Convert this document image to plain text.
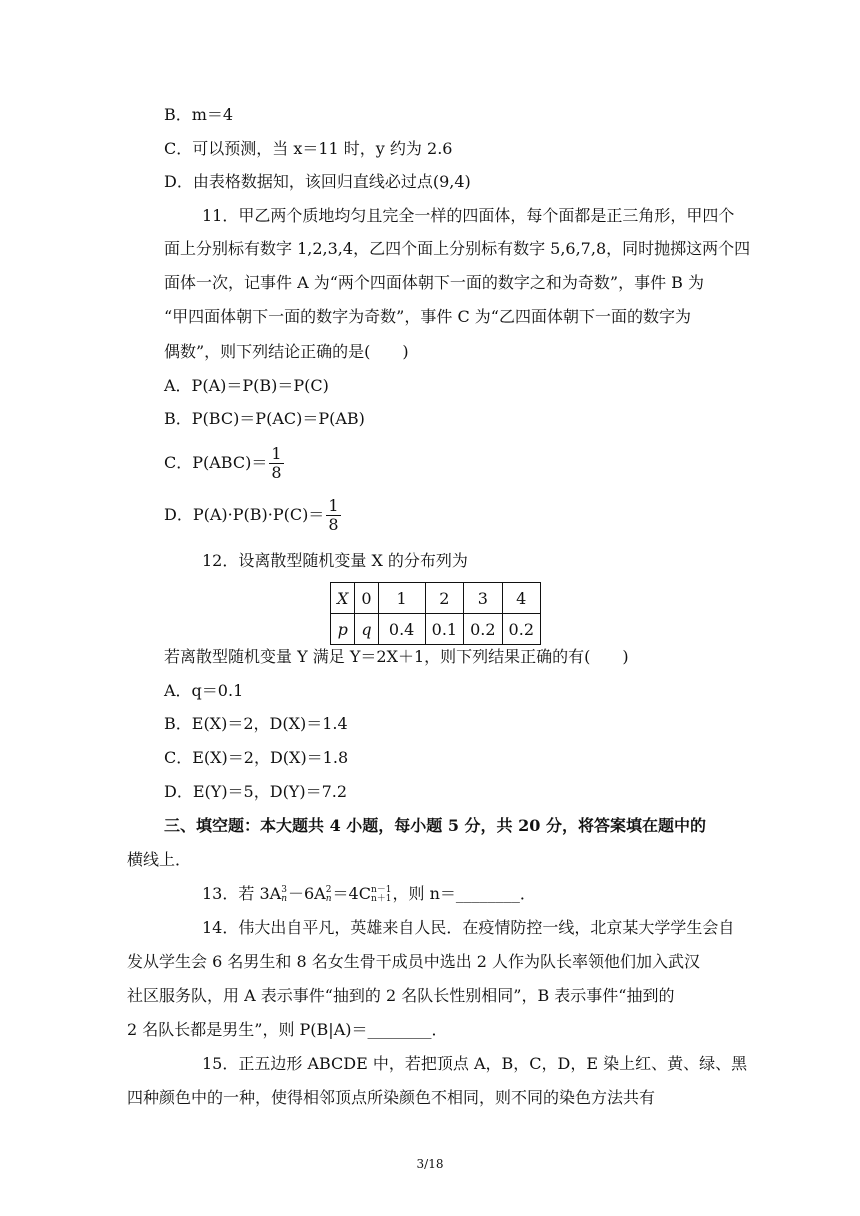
B．m＝4
C．可以预测，当 x＝11 时，y 约为 2.6
D．由表格数据知，该回归直线必过点(9,4)
11．甲乙两个质地均匀且完全一样的四面体，每个面都是正三角形，甲四个
面上分别标有数字 1,2,3,4，乙四个面上分别标有数字 5,6,7,8，同时抛掷这两个四
面体一次，记事件 A 为“两个四面体朝下一面的数字之和为奇数”，事件 B 为
“甲四面体朝下一面的数字为奇数”，事件 C 为“乙四面体朝下一面的数字为
偶数”，则下列结论正确的是(　　)
A．P(A)＝P(B)＝P(C)
B．P(BC)＝P(AC)＝P(AB)
C．$P(ABC)= \frac{1}{8}$
D．$P(A)\cdot P(B)\cdot P(C)= \frac{1}{8}$
12．设离散型随机变量 X 的分布列为
X	0	1	2	3	4
p	q	0.4	0.1	0.2	0.2
若离散型随机变量 Y 满足 Y＝2X＋1，则下列结果正确的有(　　)
A．q＝0.1
B．E(X)＝2，D(X)＝1.4
C．E(X)＝2，D(X)＝1.8
D．E(Y)＝5，D(Y)＝7.2
三、填空题：本大题共 4 小题，每小题 5 分，共 20 分，将答案填在题中的
横线上．
13．若 3A 3
n －6A 2
n ＝4C n－1
n＋1 ，则 n＝________．
14．伟大出自平凡，英雄来自人民．在疫情防控一线，北京某大学学生会自
发从学生会 6 名男生和 8 名女生骨干成员中选出 2 人作为队长率领他们加入武汉
社区服务队，用 A 表示事件“抽到的 2 名队长性别相同”，B 表示事件“抽到的
2 名队长都是男生”，则 P(B|A)＝________．
15．正五边形 ABCDE 中，若把顶点 A，B，C，D，E 染上红、黄、绿、黑
四种颜色中的一种，使得相邻顶点所染颜色不相同，则不同的染色方法共有
3/18
